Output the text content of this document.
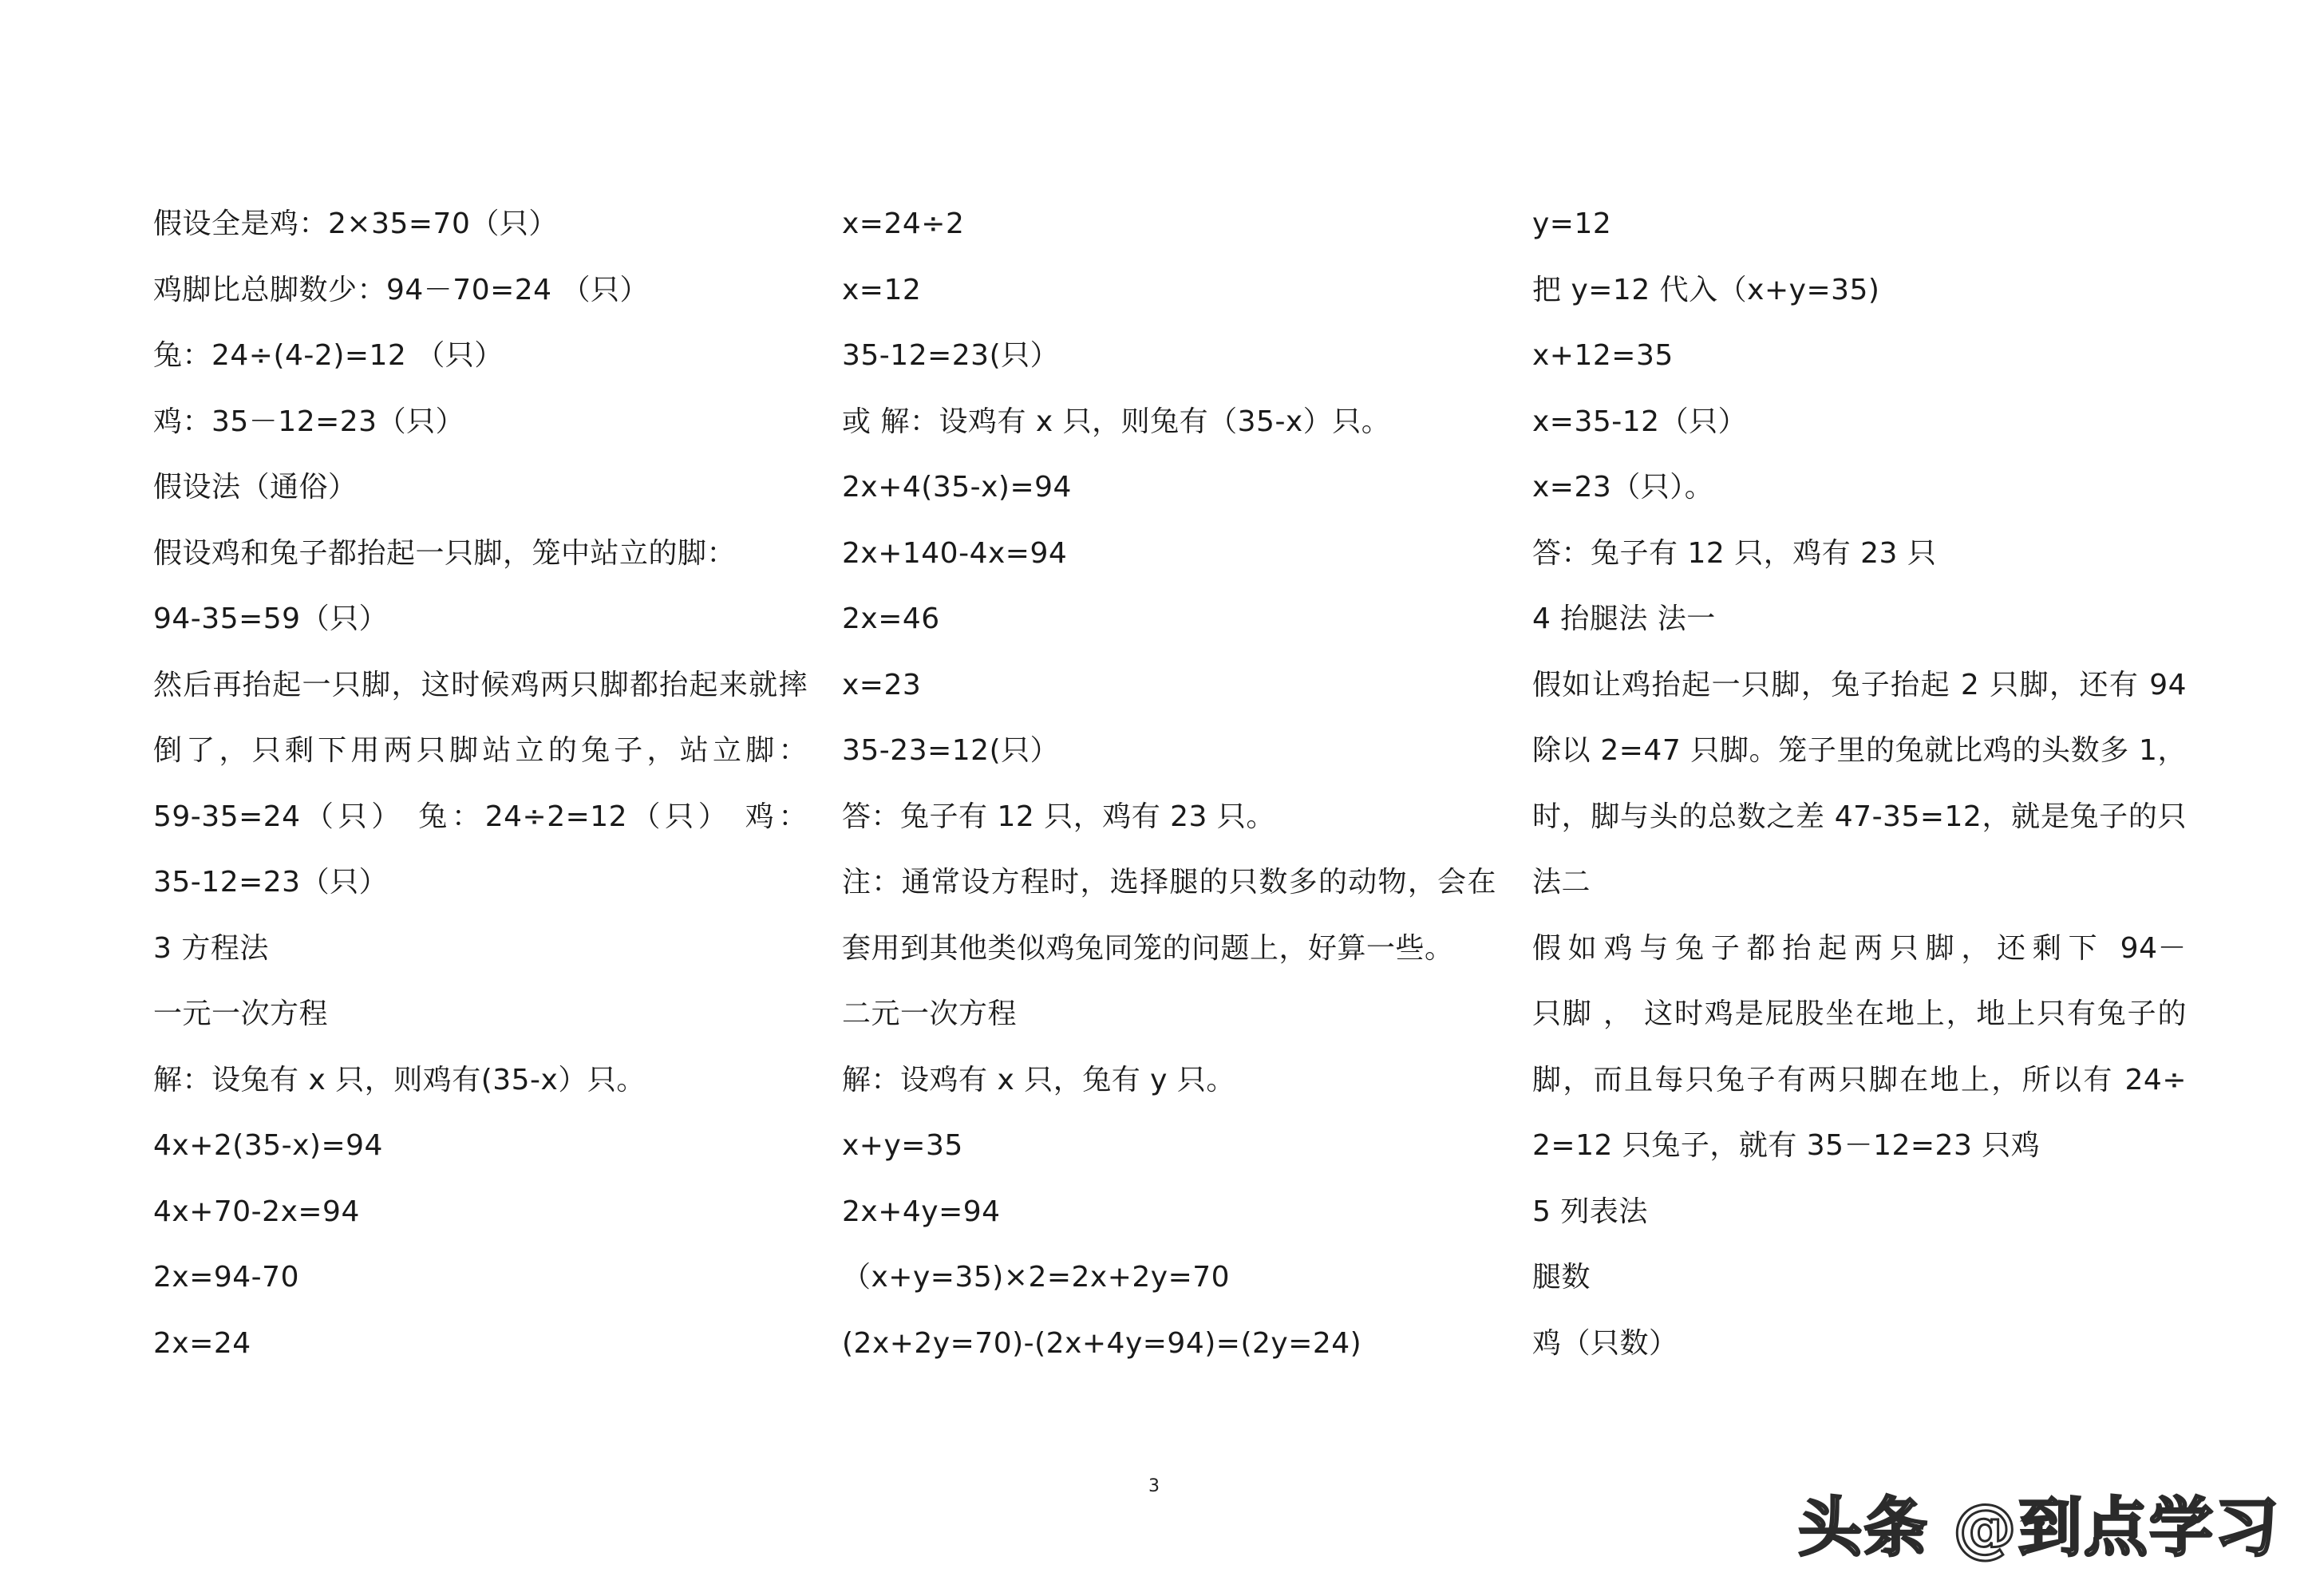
假设全是鸡：2×35=70（只）
鸡脚比总脚数少：94－70=24 （只）
兔：24÷(4-2)=12 （只）
鸡：35－12=23（只）
假设法（通俗）
假设鸡和兔子都抬起一只脚，笼中站立的脚：
94-35=59（只）
然后再抬起一只脚，这时候鸡两只脚都抬起来就摔
倒了，只剩下用两只脚站立的兔子，站立脚：
59-35=24（只） 兔：24÷2=12（只） 鸡：
35-12=23（只）
3 方程法
一元一次方程
解：设兔有 x 只，则鸡有(35-x）只。
4x+2(35-x)=94
4x+70-2x=94
2x=94-70
2x=24
x=24÷2
x=12
35-12=23(只）
或 解：设鸡有 x 只，则兔有（35-x）只。
2x+4(35-x)=94
2x+140-4x=94
2x=46
x=23
35-23=12(只）
答：兔子有 12 只，鸡有 23 只。
注：通常设方程时，选择腿的只数多的动物，会在
套用到其他类似鸡兔同笼的问题上，好算一些。
二元一次方程
解：设鸡有 x 只，兔有 y 只。
x+y=35
2x+4y=94
（x+y=35)×2=2x+2y=70
(2x+2y=70)-(2x+4y=94)=(2y=24)
y=12
把 y=12 代入（x+y=35)
x+12=35
x=35-12（只）
x=23（只）。
答：兔子有 12 只，鸡有 23 只
4 抬腿法 法一
假如让鸡抬起一只脚，兔子抬起 2 只脚，还有 94
除以 2=47 只脚。笼子里的兔就比鸡的头数多 1，
时，脚与头的总数之差 47-35=12，就是兔子的只
法二
假如鸡与兔子都抬起两只脚，还剩下 94－
只脚 ， 这时鸡是屁股坐在地上，地上只有兔子的
脚，而且每只兔子有两只脚在地上，所以有 24÷
2=12 只兔子，就有 35－12=23 只鸡
5 列表法
腿数
鸡（只数）
3
头条 @到点学习
